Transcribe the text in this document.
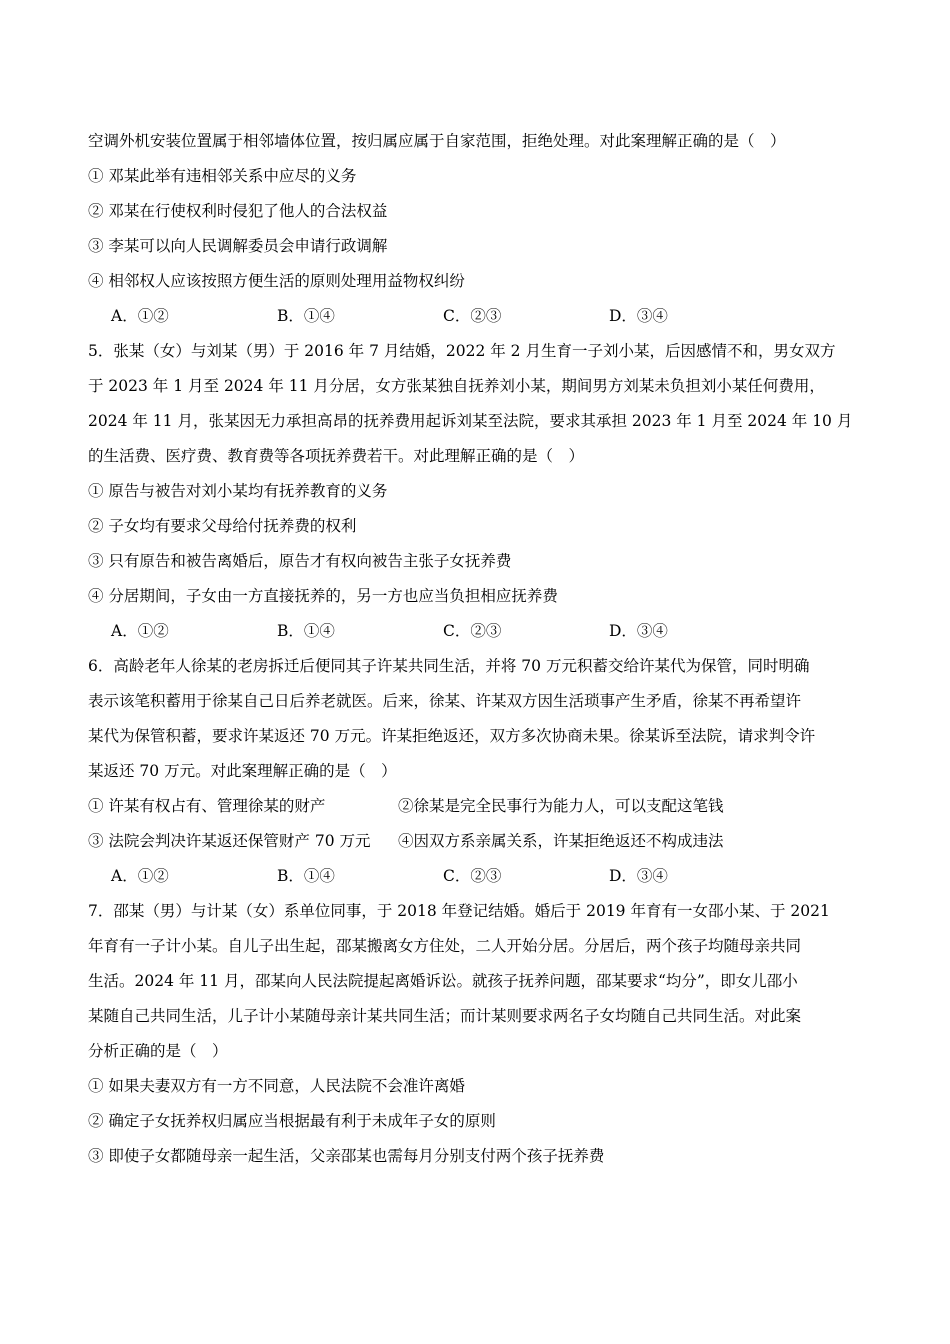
空调外机安装位置属于相邻墙体位置，按归属应属于自家范围，拒绝处理。对此案理解正确的是（　）
① 邓某此举有违相邻关系中应尽的义务
② 邓某在行使权利时侵犯了他人的合法权益
③ 李某可以向人民调解委员会申请行政调解
④ 相邻权人应该按照方便生活的原则处理用益物权纠纷
A．①②	B．①④	C．②③	D．③④
5．张某（女）与刘某（男）于 2016 年 7 月结婚，2022 年 2 月生育一子刘小某，后因感情不和，男女双方
于 2023 年 1 月至 2024 年 11 月分居，女方张某独自抚养刘小某，期间男方刘某未负担刘小某任何费用，
2024 年 11 月，张某因无力承担高昂的抚养费用起诉刘某至法院，要求其承担 2023 年 1 月至 2024 年 10 月
的生活费、医疗费、教育费等各项抚养费若干。对此理解正确的是（　）
① 原告与被告对刘小某均有抚养教育的义务
② 子女均有要求父母给付抚养费的权利
③ 只有原告和被告离婚后，原告才有权向被告主张子女抚养费
④ 分居期间，子女由一方直接抚养的，另一方也应当负担相应抚养费
A．①②	B．①④	C．②③	D．③④
6．高龄老年人徐某的老房拆迁后便同其子许某共同生活，并将 70 万元积蓄交给许某代为保管，同时明确
表示该笔积蓄用于徐某自己日后养老就医。后来，徐某、许某双方因生活琐事产生矛盾，徐某不再希望许
某代为保管积蓄，要求许某返还 70 万元。许某拒绝返还，双方多次协商未果。徐某诉至法院，请求判令许
某返还 70 万元。对此案理解正确的是（　）
① 许某有权占有、管理徐某的财产	②徐某是完全民事行为能力人，可以支配这笔钱
③ 法院会判决许某返还保管财产 70 万元	④因双方系亲属关系，许某拒绝返还不构成违法
A．①②	B．①④	C．②③	D．③④
7．邵某（男）与计某（女）系单位同事，于 2018 年登记结婚。婚后于 2019 年育有一女邵小某、于 2021
年育有一子计小某。自儿子出生起，邵某搬离女方住处，二人开始分居。分居后，两个孩子均随母亲共同
生活。2024 年 11 月，邵某向人民法院提起离婚诉讼。就孩子抚养问题，邵某要求“均分”，即女儿邵小
某随自己共同生活，儿子计小某随母亲计某共同生活；而计某则要求两名子女均随自己共同生活。对此案
分析正确的是（　）
① 如果夫妻双方有一方不同意，人民法院不会准许离婚
② 确定子女抚养权归属应当根据最有利于未成年子女的原则
③ 即使子女都随母亲一起生活，父亲邵某也需每月分别支付两个孩子抚养费
